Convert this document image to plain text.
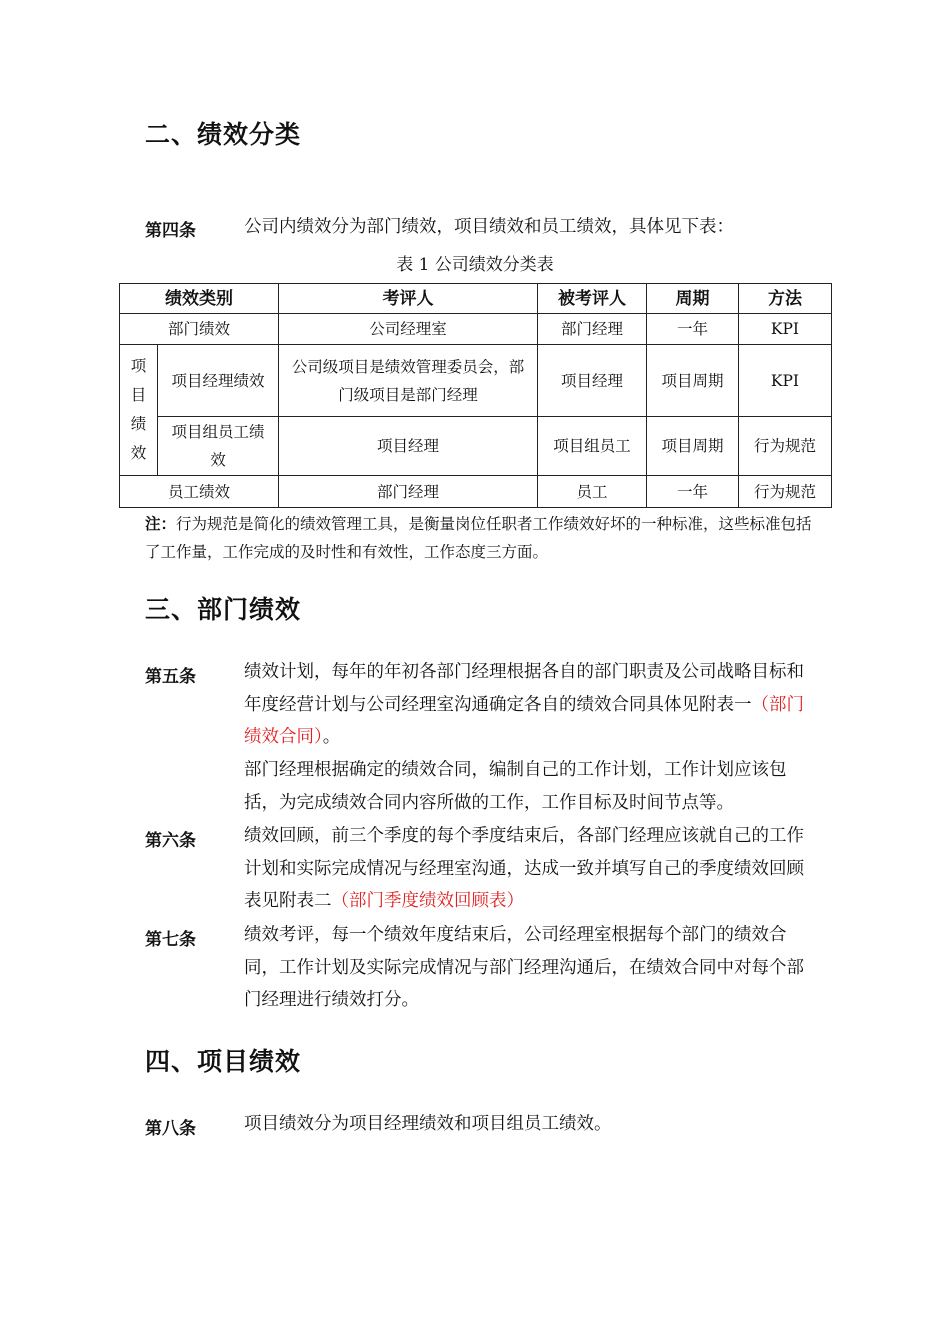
二、绩效分类
第四条	公司内绩效分为部门绩效，项目绩效和员工绩效，具体见下表：
表 1 公司绩效分类表
绩效类别		考评人	被考评人	周期	方法
部门绩效		公司经理室	部门经理	一年	KPI

项目绩效	项目经理绩效	公司级项目是绩效管理委员会，部门级项目是部门经理	项目经理	项目周期	KPI
	项目组员工绩效	项目经理	项目组员工	项目周期	行为规范
员工绩效		部门经理	员工	一年	行为规范
注：行为规范是简化的绩效管理工具，是衡量岗位任职者工作绩效好坏的一种标准，这些标准包括了工作量，工作完成的及时性和有效性，工作态度三方面。
三、部门绩效
第五条	绩效计划，每年的年初各部门经理根据各自的部门职责及公司战略目标和年度经营计划与公司经理室沟通确定各自的绩效合同具体见附表一（部门绩效合同）。
部门经理根据确定的绩效合同，编制自己的工作计划，工作计划应该包括，为完成绩效合同内容所做的工作，工作目标及时间节点等。
第六条	绩效回顾，前三个季度的每个季度结束后，各部门经理应该就自己的工作计划和实际完成情况与经理室沟通，达成一致并填写自己的季度绩效回顾表见附表二（部门季度绩效回顾表）
第七条	绩效考评，每一个绩效年度结束后，公司经理室根据每个部门的绩效合同，工作计划及实际完成情况与部门经理沟通后，在绩效合同中对每个部门经理进行绩效打分。
四、项目绩效
第八条	项目绩效分为项目经理绩效和项目组员工绩效。
